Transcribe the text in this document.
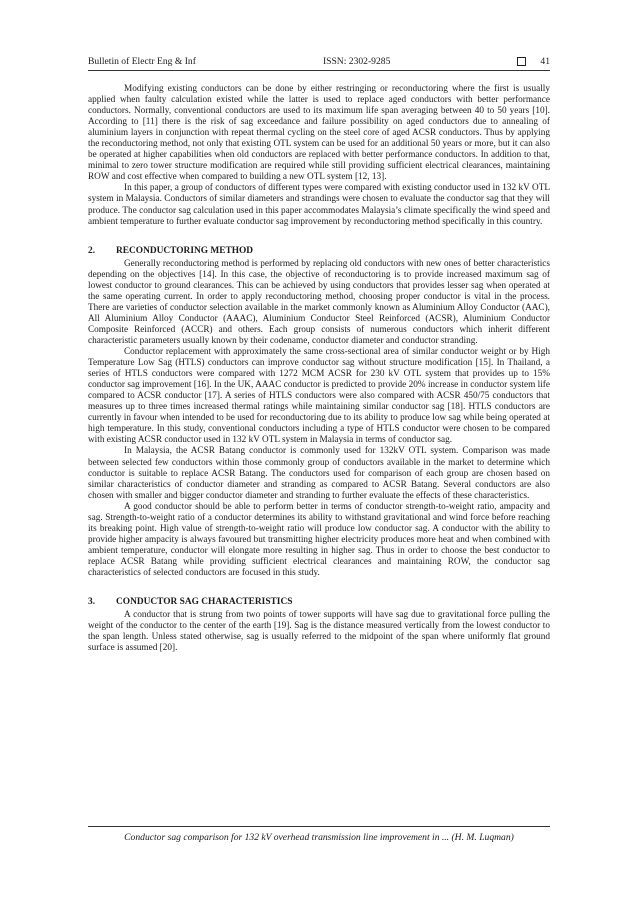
Bulletin of Electr Eng & Inf	ISSN: 2302-9285	41

Modifying existing conductors can be done by either restringing or reconductoring where the first is usually applied when faulty calculation existed while the latter is used to replace aged conductors with better performance conductors. Normally, conventional conductors are used to its maximum life span averaging between 40 to 50 years [10]. According to [11] there is the risk of sag exceedance and failure possibility on aged conductors due to annealing of aluminium layers in conjunction with repeat thermal cycling on the steel core of aged ACSR conductors. Thus by applying the reconductoring method, not only that existing OTL system can be used for an additional 50 years or more, but it can also be operated at higher capabilities when old conductors are replaced with better performance conductors. In addition to that, minimal to zero tower structure modification are required while still providing sufficient electrical clearances, maintaining ROW and cost effective when compared to building a new OTL system [12, 13].

In this paper, a group of conductors of different types were compared with existing conductor used in 132 kV OTL system in Malaysia. Conductors of similar diameters and strandings were chosen to evaluate the conductor sag that they will produce. The conductor sag calculation used in this paper accommodates Malaysia’s climate specifically the wind speed and ambient temperature to further evaluate conductor sag improvement by reconductoring method specifically in this country.

2. RECONDUCTORING METHOD

Generally reconductoring method is performed by replacing old conductors with new ones of better characteristics depending on the objectives [14]. In this case, the objective of reconductoring is to provide increased maximum sag of lowest conductor to ground clearances. This can be achieved by using conductors that provides lesser sag when operated at the same operating current. In order to apply reconductoring method, choosing proper conductor is vital in the process. There are varieties of conductor selection available in the market commonly known as Aluminium Alloy Conductor (AAC), All Aluminium Alloy Conductor (AAAC), Aluminium Conductor Steel Reinforced (ACSR), Aluminium Conductor Composite Reinforced (ACCR) and others. Each group consists of numerous conductors which inherit different characteristic parameters usually known by their codename, conductor diameter and conductor stranding.

Conductor replacement with approximately the same cross-sectional area of similar conductor weight or by High Temperature Low Sag (HTLS) conductors can improve conductor sag without structure modification [15]. In Thailand, a series of HTLS conductors were compared with 1272 MCM ACSR for 230 kV OTL system that provides up to 15% conductor sag improvement [16]. In the UK, AAAC conductor is predicted to provide 20% increase in conductor system life compared to ACSR conductor [17]. A series of HTLS conductors were also compared with ACSR 450/75 conductors that measures up to three times increased thermal ratings while maintaining similar conductor sag [18]. HTLS conductors are currently in favour when intended to be used for reconductoring due to its ability to produce low sag while being operated at high temperature. In this study, conventional conductors including a type of HTLS conductor were chosen to be compared with existing ACSR conductor used in 132 kV OTL system in Malaysia in terms of conductor sag.

In Malaysia, the ACSR Batang conductor is commonly used for 132kV OTL system. Comparison was made between selected few conductors within those commonly group of conductors available in the market to determine which conductor is suitable to replace ACSR Batang. The conductors used for comparison of each group are chosen based on similar characteristics of conductor diameter and stranding as compared to ACSR Batang. Several conductors are also chosen with smaller and bigger conductor diameter and stranding to further evaluate the effects of these characteristics.

A good conductor should be able to perform better in terms of conductor strength-to-weight ratio, ampacity and sag. Strength-to-weight ratio of a conductor determines its ability to withstand gravitational and wind force before reaching its breaking point. High value of strength-to-weight ratio will produce low conductor sag. A conductor with the ability to provide higher ampacity is always favoured but transmitting higher electricity produces more heat and when combined with ambient temperature, conductor will elongate more resulting in higher sag. Thus in order to choose the best conductor to replace ACSR Batang while providing sufficient electrical clearances and maintaining ROW, the conductor sag characteristics of selected conductors are focused in this study.

3. CONDUCTOR SAG CHARACTERISTICS

A conductor that is strung from two points of tower supports will have sag due to gravitational force pulling the weight of the conductor to the center of the earth [19]. Sag is the distance measured vertically from the lowest conductor to the span length. Unless stated otherwise, sag is usually referred to the midpoint of the span where uniformly flat ground surface is assumed [20].

Conductor sag comparison for 132 kV overhead transmission line improvement in ... (H. M. Luqman)
